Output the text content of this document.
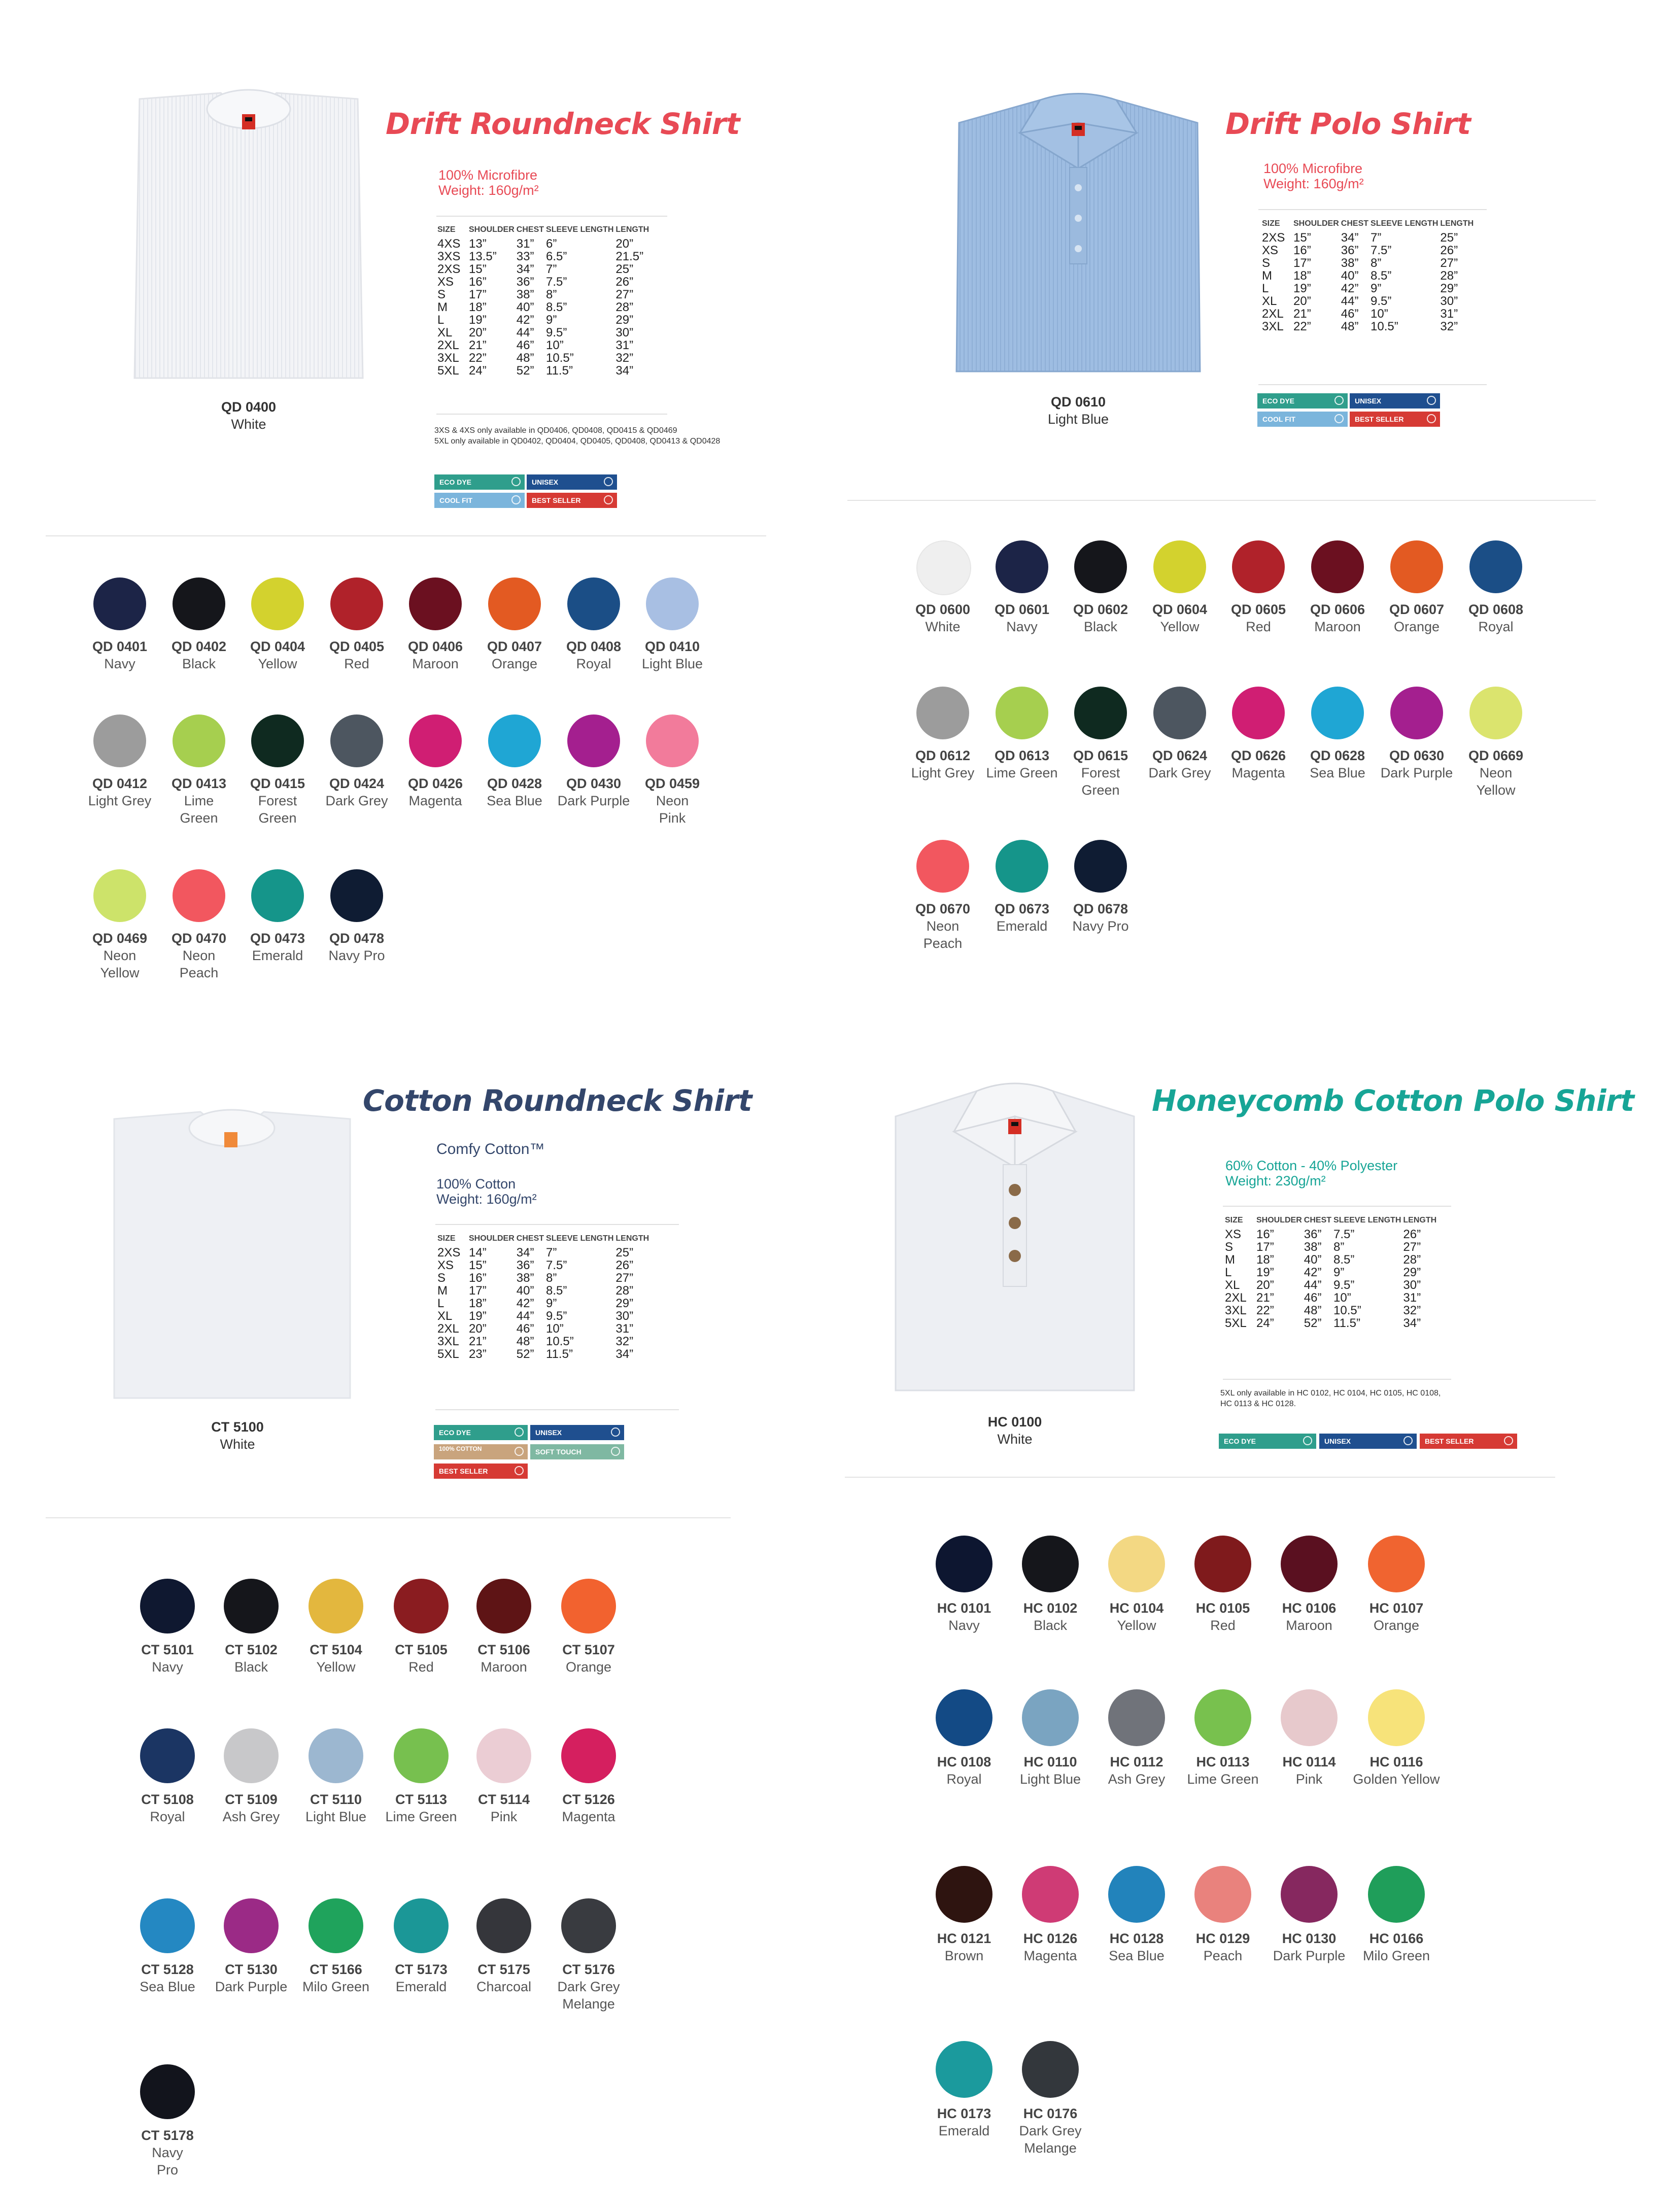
QD 0400
White
Drift Roundneck Shirt
100% Microfibre
Weight: 160g/m²
SIZE	SHOULDER	CHEST	SLEEVE LENGTH	LENGTH
4XS	13”	31”	6”	20”
3XS	13.5”	33”	6.5”	21.5”
2XS	15”	34”	7”	25”
XS	16”	36”	7.5”	26”
S	17”	38”	8”	27”
M	18”	40”	8.5”	28”
L	19”	42”	9”	29”
XL	20”	44”	9.5”	30”
2XL	21”	46”	10”	31”
3XL	22”	48”	10.5”	32”
5XL	24”	52”	11.5”	34”
3XS & 4XS only available in QD0406, QD0408, QD0415 & QD0469
5XL only available in QD0402, QD0404, QD0405, QD0408, QD0413 & QD0428
ECO DYE	UNISEX
COOL FIT	BEST SELLER
QD 0401
Navy
QD 0402
Black
QD 0404
Yellow
QD 0405
Red
QD 0406
Maroon
QD 0407
Orange
QD 0408
Royal
QD 0410
Light Blue
QD 0412
Light Grey
QD 0413
Lime
Green
QD 0415
Forest
Green
QD 0424
Dark Grey
QD 0426
Magenta
QD 0428
Sea Blue
QD 0430
Dark Purple
QD 0459
Neon
Pink
QD 0469
Neon
Yellow
QD 0470
Neon
Peach
QD 0473
Emerald
QD 0478
Navy Pro
QD 0610
Light Blue
Drift Polo Shirt
100% Microfibre
Weight: 160g/m²
SIZE	SHOULDER	CHEST	SLEEVE LENGTH	LENGTH
2XS	15”	34”	7”	25”
XS	16”	36”	7.5”	26”
S	17”	38”	8”	27”
M	18”	40”	8.5”	28”
L	19”	42”	9”	29”
XL	20”	44”	9.5”	30”
2XL	21”	46”	10”	31”
3XL	22”	48”	10.5”	32”
ECO DYE	UNISEX
COOL FIT	BEST SELLER
QD 0600
White
QD 0601
Navy
QD 0602
Black
QD 0604
Yellow
QD 0605
Red
QD 0606
Maroon
QD 0607
Orange
QD 0608
Royal
QD 0612
Light Grey
QD 0613
Lime Green
QD 0615
Forest
Green
QD 0624
Dark Grey
QD 0626
Magenta
QD 0628
Sea Blue
QD 0630
Dark Purple
QD 0669
Neon
Yellow
QD 0670
Neon
Peach
QD 0673
Emerald
QD 0678
Navy Pro
CT 5100
White
Cotton Roundneck Shirt
Comfy Cotton™
100% Cotton
Weight: 160g/m²
SIZE	SHOULDER	CHEST	SLEEVE LENGTH	LENGTH
2XS	14”	34”	7”	25”
XS	15”	36”	7.5”	26”
S	16”	38”	8”	27”
M	17”	40”	8.5”	28”
L	18”	42”	9”	29”
XL	19”	44”	9.5”	30”
2XL	20”	46”	10”	31”
3XL	21”	48”	10.5”	32”
5XL	23”	52”	11.5”	34”
ECO DYE	UNISEX
100% COTTON	SOFT TOUCH
BEST SELLER
CT 5101
Navy
CT 5102
Black
CT 5104
Yellow
CT 5105
Red
CT 5106
Maroon
CT 5107
Orange
CT 5108
Royal
CT 5109
Ash Grey
CT 5110
Light Blue
CT 5113
Lime Green
CT 5114
Pink
CT 5126
Magenta
CT 5128
Sea Blue
CT 5130
Dark Purple
CT 5166
Milo Green
CT 5173
Emerald
CT 5175
Charcoal
CT 5176
Dark Grey
Melange
CT 5178
Navy
Pro
HC 0100
White
Honeycomb Cotton Polo Shirt
60% Cotton - 40% Polyester
Weight: 230g/m²
SIZE	SHOULDER	CHEST	SLEEVE LENGTH	LENGTH
XS	16”	36”	7.5”	26”
S	17”	38”	8”	27”
M	18”	40”	8.5”	28”
L	19”	42”	9”	29”
XL	20”	44”	9.5”	30”
2XL	21”	46”	10”	31”
3XL	22”	48”	10.5”	32”
5XL	24”	52”	11.5”	34”
5XL only available in HC 0102, HC 0104, HC 0105, HC 0108,
HC 0113 & HC 0128.
ECO DYE	UNISEX	BEST SELLER
HC 0101
Navy
HC 0102
Black
HC 0104
Yellow
HC 0105
Red
HC 0106
Maroon
HC 0107
Orange
HC 0108
Royal
HC 0110
Light Blue
HC 0112
Ash Grey
HC 0113
Lime Green
HC 0114
Pink
HC 0116
Golden Yellow
HC 0121
Brown
HC 0126
Magenta
HC 0128
Sea Blue
HC 0129
Peach
HC 0130
Dark Purple
HC 0166
Milo Green
HC 0173
Emerald
HC 0176
Dark Grey
Melange
